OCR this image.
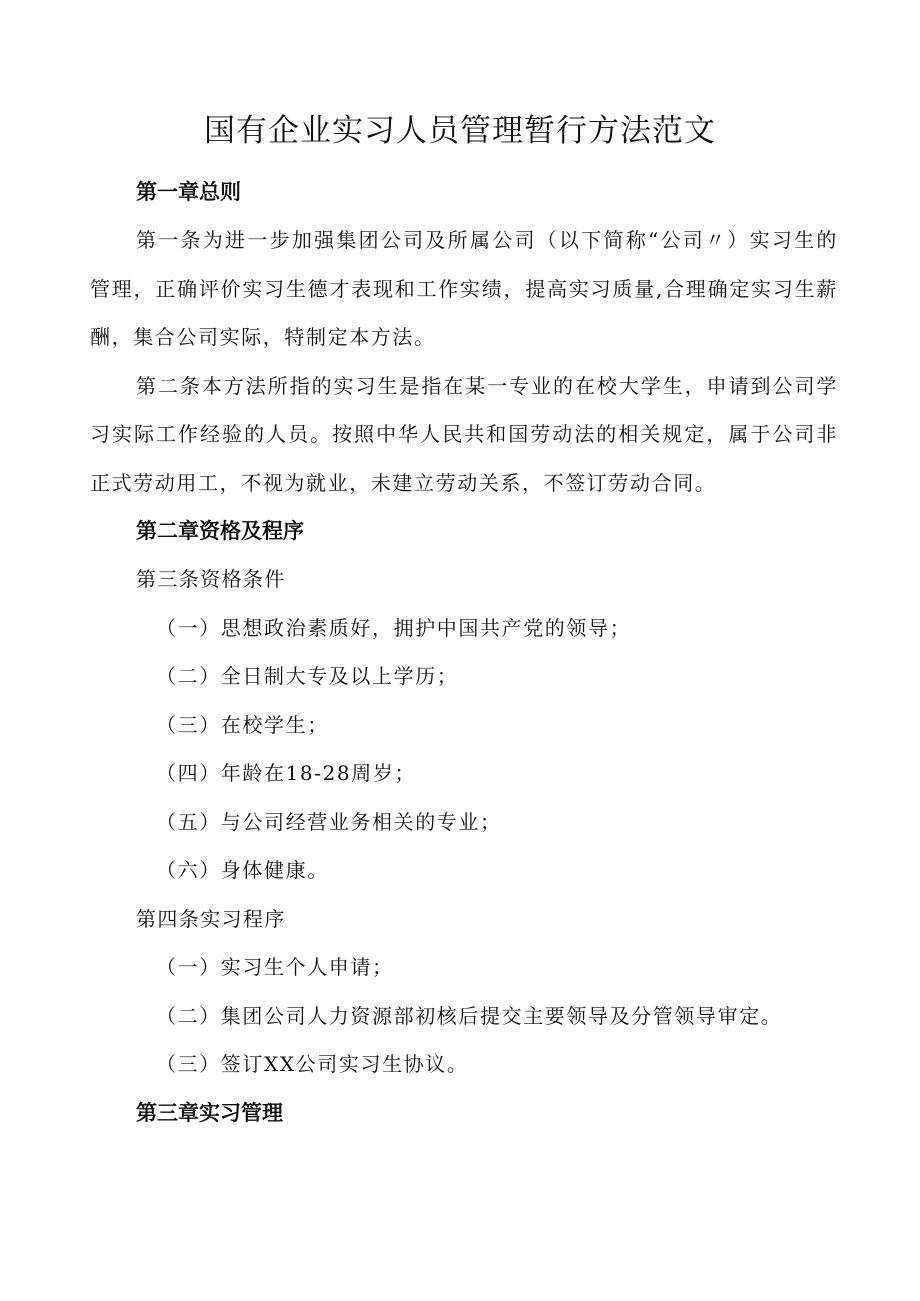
国有企业实习人员管理暂行方法范文
第一章总则

第一条为进一步加强集团公司及所属公司（以下简称“公司〃）实习生的管理，正确评价实习生德才表现和工作实绩，提高实习质量,合理确定实习生薪酬，集合公司实际，特制定本方法。

第二条本方法所指的实习生是指在某一专业的在校大学生，申请到公司学习实际工作经验的人员。按照中华人民共和国劳动法的相关规定，属于公司非正式劳动用工，不视为就业，未建立劳动关系，不签订劳动合同。

第二章资格及程序

第三条资格条件

（一）思想政治素质好，拥护中国共产党的领导；

（二）全日制大专及以上学历；

（三）在校学生；

（四）年龄在18-28周岁；

（五）与公司经营业务相关的专业；

（六）身体健康。

第四条实习程序

（一）实习生个人申请；

（二）集团公司人力资源部初核后提交主要领导及分管领导审定。

（三）签订XX公司实习生协议。

第三章实习管理
